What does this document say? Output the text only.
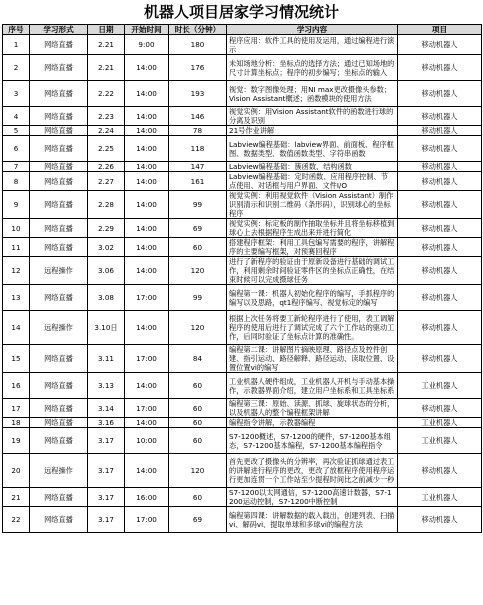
机器人项目居家学习情况统计
序号	学习形式	日期	开始时间	时长（分钟）	学习内容	项目
1	网络直播	2.21	9:00	180	程序应用：软件工具的使用及运用，通过编程进行演示	移动机器人
2	网络直播	2.21	14:00	176	未知场地分析：坐标点的选择方法；通过已知场地的尺寸计算坐标点；程序的初步编写；坐标点的输入	移动机器人
3	网络直播	2.22	14:00	193	视觉：数字图像处理；用NI max更改摄像头参数；Vision Assistant概述；函数模块的使用方法	移动机器人
4	网络直播	2.23	14:00	146	视觉实例：用Vision Assistant软件的函数进行球的分离及识别	移动机器人
5	网络直播	2.24	14:00	78	21号作业讲解	移动机器人
6	网络直播	2.25	14:00	118	Labview编程基础：labview界面、前面板、程序框图、数据类型、数值函数类型、字符串函数	移动机器人
7	网络直播	2.26	14:00	147	Labview编程基础：簇函数、结构函数	移动机器人
8	网络直播	2.27	14:00	161	Labview编程基础：定时函数、应用程序控制、节点使用、对话框与用户界面、文件I/O	移动机器人
9	网络直播	2.28	14:00	99	视觉实例：利用视觉软件（Vision Assistant）制作识别清示和识别二维码（条形码），识别球心的坐标程序	移动机器人
10	网络直播	2.29	14:00	69	视觉实例：标定板的制作抽取坐标并且将坐标移植到球心上去根据程序生成出来并进行简化	移动机器人
11	网络直播	3.02	14:00	60	搭建程序框架：利用工具包编写需要的程序，讲解程序的主要编写框架，对预赛回程序	移动机器人
12	远程操作	3.06	14:00	120	进行了新程序的验证由于原新设备进行基础的调试工作，利用剩余时间验证零件区的坐标点正确性，在结束时候可以完成摄球任务	移动机器人
13	网络直播	3.08	17:00	99	编程第一课：机器人初始化程序的编写，手抓程序的编写以及思路，qt1程序编写、视觉标定的编写	移动机器人
14	远程操作	3.10日	14:00	120	根据上次任务将要工新轮程序进行了使用，表工调解程序的使用后进行了调试完成了六个工作站的驱动工作，后同时验证了坐标点计算的准确性。	移动机器人
15	网络直播	3.11	17:00	84	编程第二课：讲解图片摘映原理、路径点及控件创建、指引运动、路径解释、路径运动、读取位置、设置位置vi的编写	移动机器人
16	网络直播	3.13	14:00	60	工业机器人硬件组成，工业机器人开机与手动基本操作，示教器界面介绍，建立用户坐标系和工具坐标系	工业机器人
17	网络直播	3.14	17:00	60	编程第三课：原始、读源、抓球、旋球状态的分析，以及机器人的整个编程框架讲解	移动机器人
18	网络直播	3.16	14:00	60	编程指令讲解，示教器编程	工业机器人
19	网络直播	3.17	10:00	60	S7-1200概述，S7-1200的硬件，S7-1200基本组态，S7-1200基本编程，S7-1200基本编程指令	工业机器人
20	远程操作	3.17	14:00	120	首先更改了摄像头的分辨率，再次验证抓球通过表工的讲解进行程序的更改，更改了放框程序使用程序运行更加连贯一个工作站至少提程时间比之前减少一秒	移动机器人
21	网络直播	3.17	16:00	60	S7-1200以太网通信，S7-1200高速计数器，S7-1200运动控制，S7-1200中断控制	工业机器人
22	网络直播	3.17	17:00	69	编程第四课：讲解数据的载入载出，创建列表、扫描vi、解码vi、提取单球和多球vi的编程方法	移动机器人
